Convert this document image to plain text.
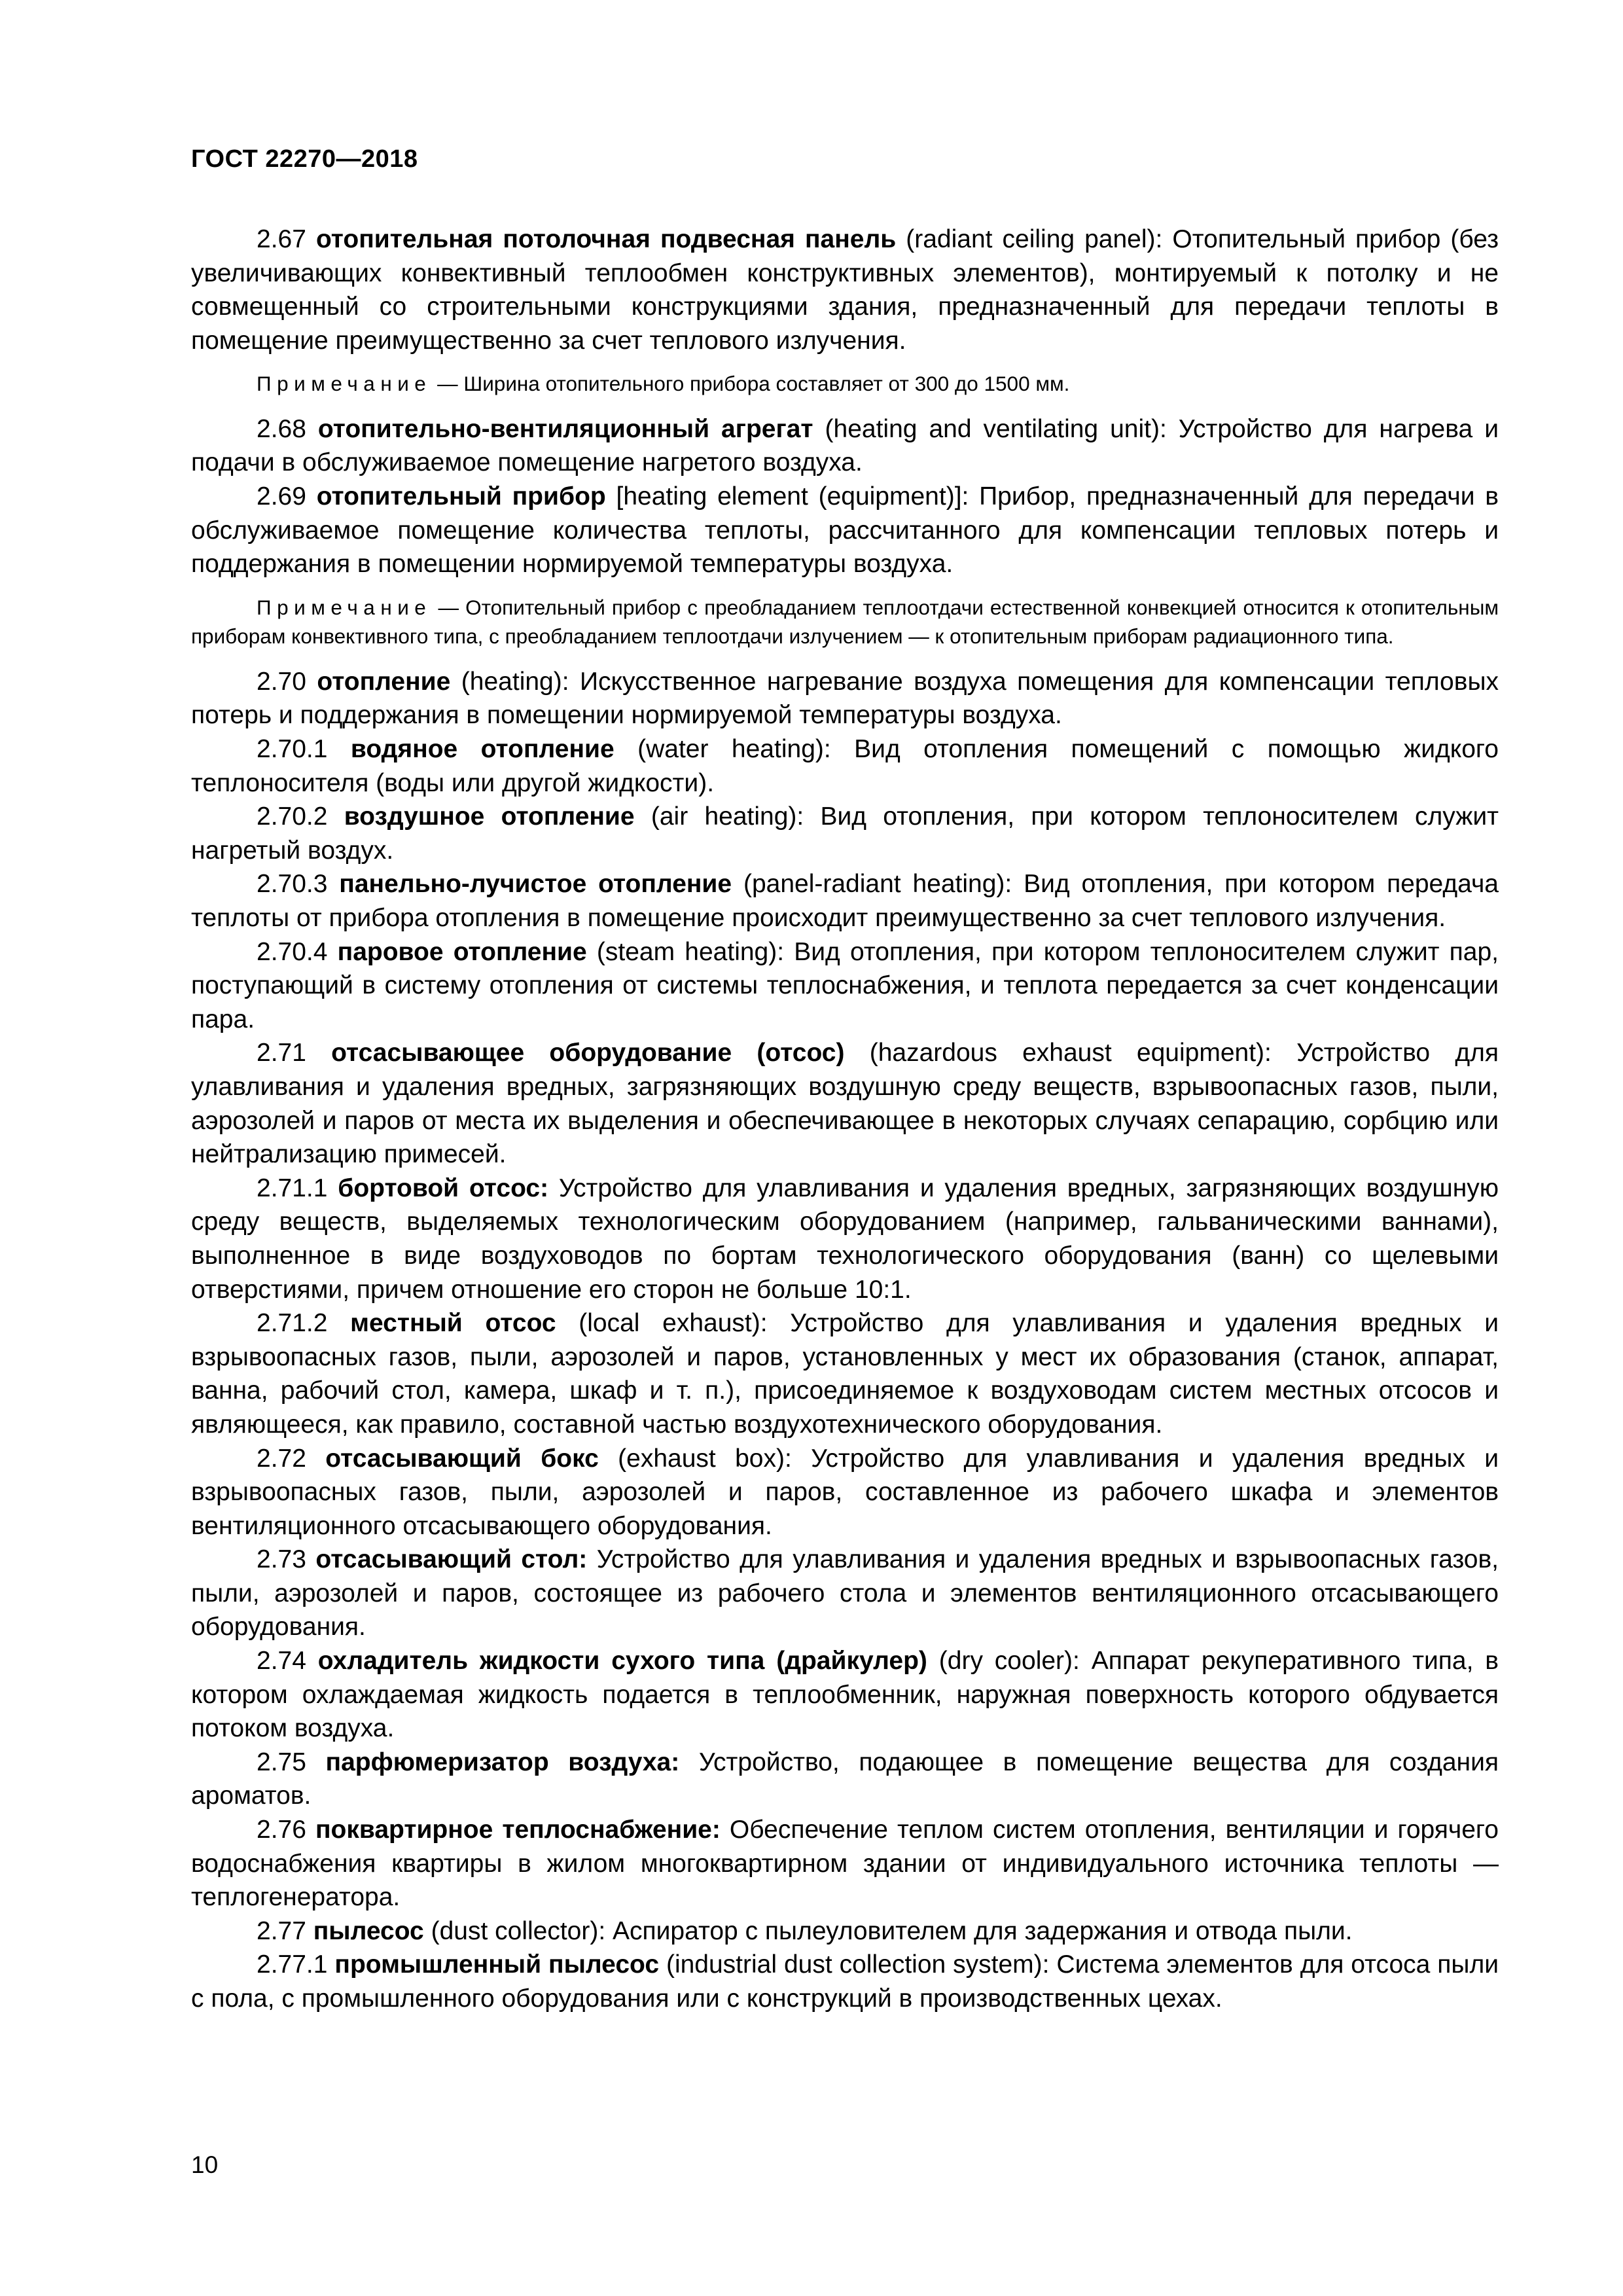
ГОСТ 22270—2018

2.67 отопительная потолочная подвесная панель (radiant ceiling panel): Отопительный прибор (без увеличивающих конвективный теплообмен конструктивных элементов), монтируемый к потолку и не совмещенный со строительными конструкциями здания, предназначенный для передачи теплоты в помещение преимущественно за счет теплового излучения.

Примечание — Ширина отопительного прибора составляет от 300 до 1500 мм.

2.68 отопительно-вентиляционный агрегат (heating and ventilating unit): Устройство для нагрева и подачи в обслуживаемое помещение нагретого воздуха.

2.69 отопительный прибор [heating element (equipment)]: Прибор, предназначенный для передачи в обслуживаемое помещение количества теплоты, рассчитанного для компенсации тепловых потерь и поддержания в помещении нормируемой температуры воздуха.

Примечание — Отопительный прибор с преобладанием теплоотдачи естественной конвекцией относится к отопительным приборам конвективного типа, с преобладанием теплоотдачи излучением — к отопительным приборам радиационного типа.

2.70 отопление (heating): Искусственное нагревание воздуха помещения для компенсации тепловых потерь и поддержания в помещении нормируемой температуры воздуха.

2.70.1 водяное отопление (water heating): Вид отопления помещений с помощью жидкого теплоносителя (воды или другой жидкости).

2.70.2 воздушное отопление (air heating): Вид отопления, при котором теплоносителем служит нагретый воздух.

2.70.3 панельно-лучистое отопление (panel-radiant heating): Вид отопления, при котором передача теплоты от прибора отопления в помещение происходит преимущественно за счет теплового излучения.

2.70.4 паровое отопление (steam heating): Вид отопления, при котором теплоносителем служит пар, поступающий в систему отопления от системы теплоснабжения, и теплота передается за счет конденсации пара.

2.71 отсасывающее оборудование (отсос) (hazardous exhaust equipment): Устройство для улавливания и удаления вредных, загрязняющих воздушную среду веществ, взрывоопасных газов, пыли, аэрозолей и паров от места их выделения и обеспечивающее в некоторых случаях сепарацию, сорбцию или нейтрализацию примесей.

2.71.1 бортовой отсос: Устройство для улавливания и удаления вредных, загрязняющих воздушную среду веществ, выделяемых технологическим оборудованием (например, гальваническими ваннами), выполненное в виде воздуховодов по бортам технологического оборудования (ванн) со щелевыми отверстиями, причем отношение его сторон не больше 10:1.

2.71.2 местный отсос (local exhaust): Устройство для улавливания и удаления вредных и взрывоопасных газов, пыли, аэрозолей и паров, установленных у мест их образования (станок, аппарат, ванна, рабочий стол, камера, шкаф и т. п.), присоединяемое к воздуховодам систем местных отсосов и являющееся, как правило, составной частью воздухотехнического оборудования.

2.72 отсасывающий бокс (exhaust box): Устройство для улавливания и удаления вредных и взрывоопасных газов, пыли, аэрозолей и паров, составленное из рабочего шкафа и элементов вентиляционного отсасывающего оборудования.

2.73 отсасывающий стол: Устройство для улавливания и удаления вредных и взрывоопасных газов, пыли, аэрозолей и паров, состоящее из рабочего стола и элементов вентиляционного отсасывающего оборудования.

2.74 охладитель жидкости сухого типа (драйкулер) (dry cooler): Аппарат рекуперативного типа, в котором охлаждаемая жидкость подается в теплообменник, наружная поверхность которого обдувается потоком воздуха.

2.75 парфюмеризатор воздуха: Устройство, подающее в помещение вещества для создания ароматов.

2.76 поквартирное теплоснабжение: Обеспечение теплом систем отопления, вентиляции и горячего водоснабжения квартиры в жилом многоквартирном здании от индивидуального источника теплоты — теплогенератора.

2.77 пылесос (dust collector): Аспиратор с пылеуловителем для задержания и отвода пыли.

2.77.1 промышленный пылесос (industrial dust collection system): Система элементов для отсоса пыли с пола, с промышленного оборудования или с конструкций в производственных цехах.

10
